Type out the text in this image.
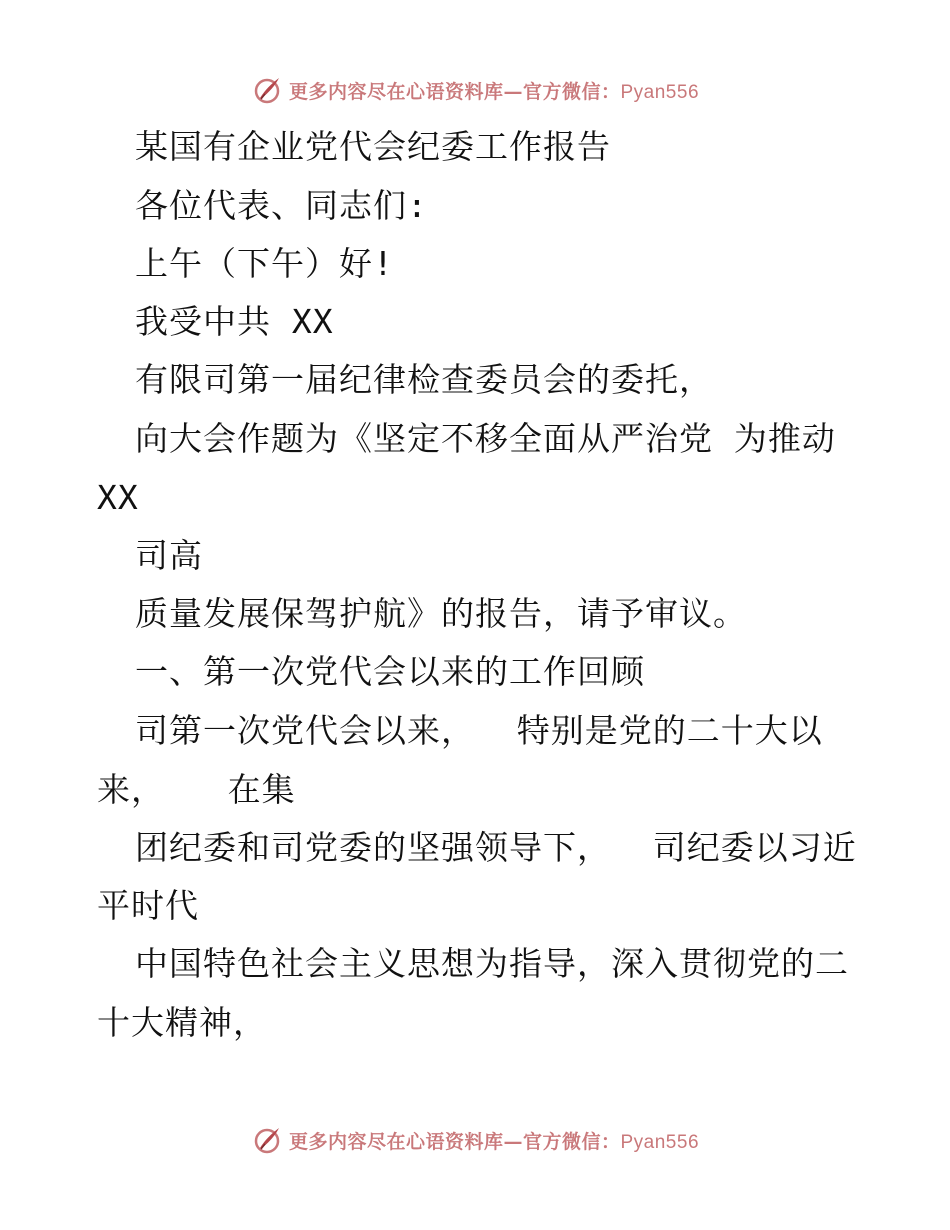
更多内容尽在心语资料库—官方微信：Pyan556
某国有企业党代会纪委工作报告
各位代表、同志们:
上午（下午）好!
我受中共 XX
有限司第一届纪律检查委员会的委托，
向大会作题为《坚定不移全面从严治党 为推动
XX
司高
质量发展保驾护航》的报告，请予审议。
一、第一次党代会以来的工作回顾
司第一次党代会以来，  特别是党的二十大以
来，   在集
团纪委和司党委的坚强领导下，  司纪委以习近
平时代
中国特色社会主义思想为指导，深入贯彻党的二
十大精神，
更多内容尽在心语资料库—官方微信：Pyan556
